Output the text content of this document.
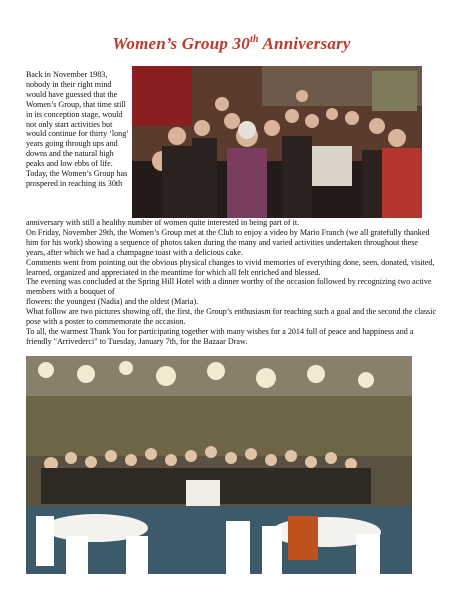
Women’s Group 30th Anniversary

Back in November 1983, nobody in their right mind would have guessed that the Women’s Group, that time still in its conception stage, would not only start activities but would continue for thirty ‘long’ years going through ups and downs and the natural high peaks and low ebbs of life.

Today, the Women’s Group has prospered in reaching its 30th

anniversary with still a healthy number of women quite interested in being part of it.

On Friday, November 29th, the Women’s Group met at the Club to enjoy a video by Mario Franch (we all gratefully thanked him for his work) showing a sequence of photos taken during the many and varied activities undertaken throughout these years, after which we had a champagne toast with a delicious cake.

Comments went from pointing out the obvious physical changes to vivid memories of everything done, seen, donated, visited, learned, organized and appreciated in the meantime for which all felt enriched and blessed.

The evening was concluded at the Spring Hill Hotel with a dinner worthy of the occasion followed by recognizing two active members with a bouquet of

flowers: the youngest (Nadia) and the oldest (Maria).

What follow are two pictures showing off, the first, the Group’s enthusiasm for reaching such a goal and the second the classic pose with a poster to commemorate the occasion.

To all, the warmest Thank You for participating together with many wishes for a 2014 full of peace and happiness and a friendly "Arrivederci" to Tuesday, January 7th, for the Bazaar Draw.
